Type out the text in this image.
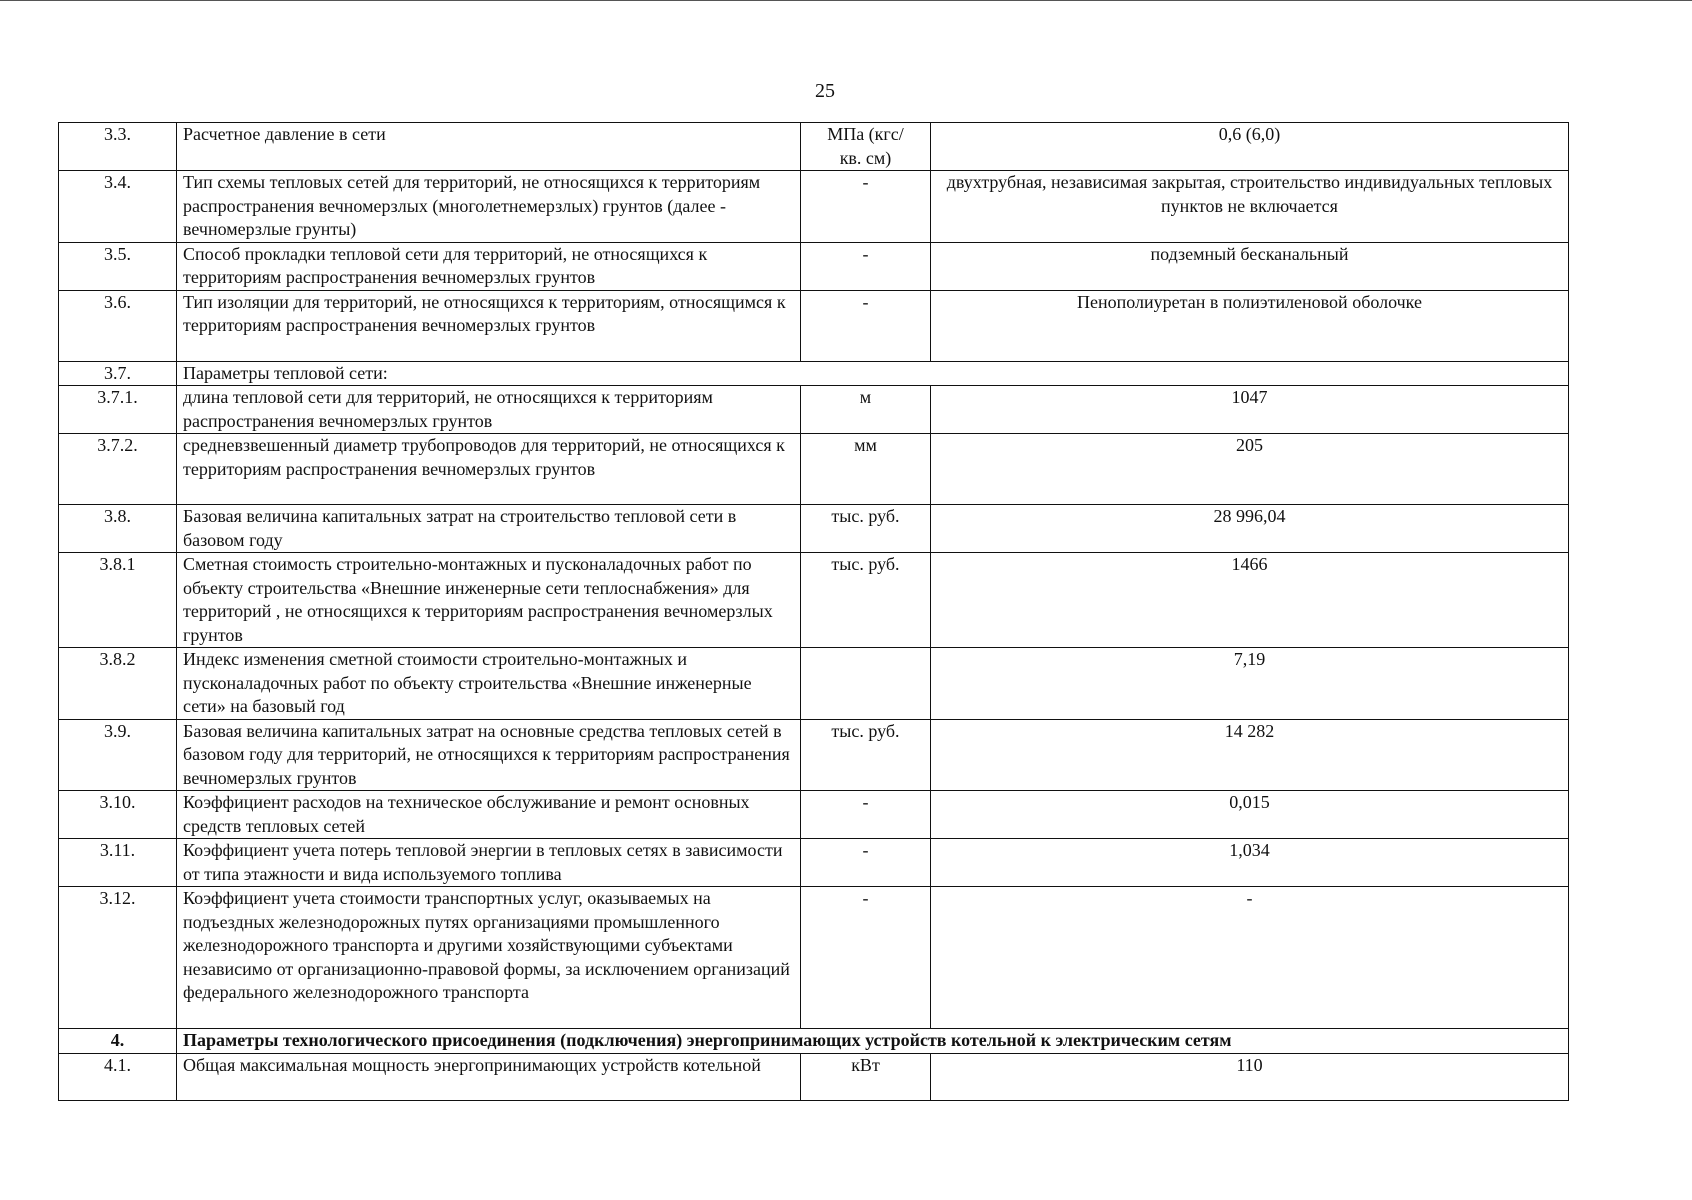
25
3.3.	Расчетное давление в сети	МПа (кгс/кв. см)	0,6 (6,0)
3.4.	Тип схемы тепловых сетей для территорий, не относящихся к территориям распространения вечномерзлых (многолетнемерзлых) грунтов (далее - вечномерзлые грунты)	-	двухтрубная, независимая закрытая, строительство индивидуальных тепловых пунктов не включается
3.5.	Способ прокладки тепловой сети для территорий, не относящихся к территориям распространения вечномерзлых грунтов	-	подземный бесканальный
3.6.	Тип изоляции для территорий, не относящихся к территориям, относящимся к территориям распространения вечномерзлых грунтов	-	Пенополиуретан в полиэтиленовой оболочке
3.7.	Параметры тепловой сети:		
3.7.1.	длина тепловой сети для территорий, не относящихся к территориям распространения вечномерзлых грунтов	м	1047
3.7.2.	средневзвешенный диаметр трубопроводов для территорий, не относящихся к территориям распространения вечномерзлых грунтов	мм	205
3.8.	Базовая величина капитальных затрат на строительство тепловой сети в базовом году	тыс. руб.	28 996,04
3.8.1	Сметная стоимость строительно-монтажных и пусконаладочных работ по объекту строительства «Внешние инженерные сети теплоснабжения» для территорий , не относящихся к территориям распространения вечномерзлых грунтов	тыс. руб.	1466
3.8.2	Индекс изменения сметной стоимости строительно-монтажных и пусконаладочных работ по объекту строительства «Внешние инженерные сети» на базовый год		7,19
3.9.	Базовая величина капитальных затрат на основные средства тепловых сетей в базовом году для территорий, не относящихся к территориям распространения вечномерзлых грунтов	тыс. руб.	14 282
3.10.	Коэффициент расходов на техническое обслуживание и ремонт основных средств тепловых сетей	-	0,015
3.11.	Коэффициент учета потерь тепловой энергии в тепловых сетях в зависимости от типа этажности и вида используемого топлива	-	1,034
3.12.	Коэффициент учета стоимости транспортных услуг, оказываемых на подъездных железнодорожных путях организациями промышленного железнодорожного транспорта и другими хозяйствующими субъектами независимо от организационно-правовой формы, за исключением организаций федерального железнодорожного транспорта	-	-
4.	Параметры технологического присоединения (подключения) энергопринимающих устройств котельной к электрическим сетям		
4.1.	Общая максимальная мощность энергопринимающих устройств котельной	кВт	110
